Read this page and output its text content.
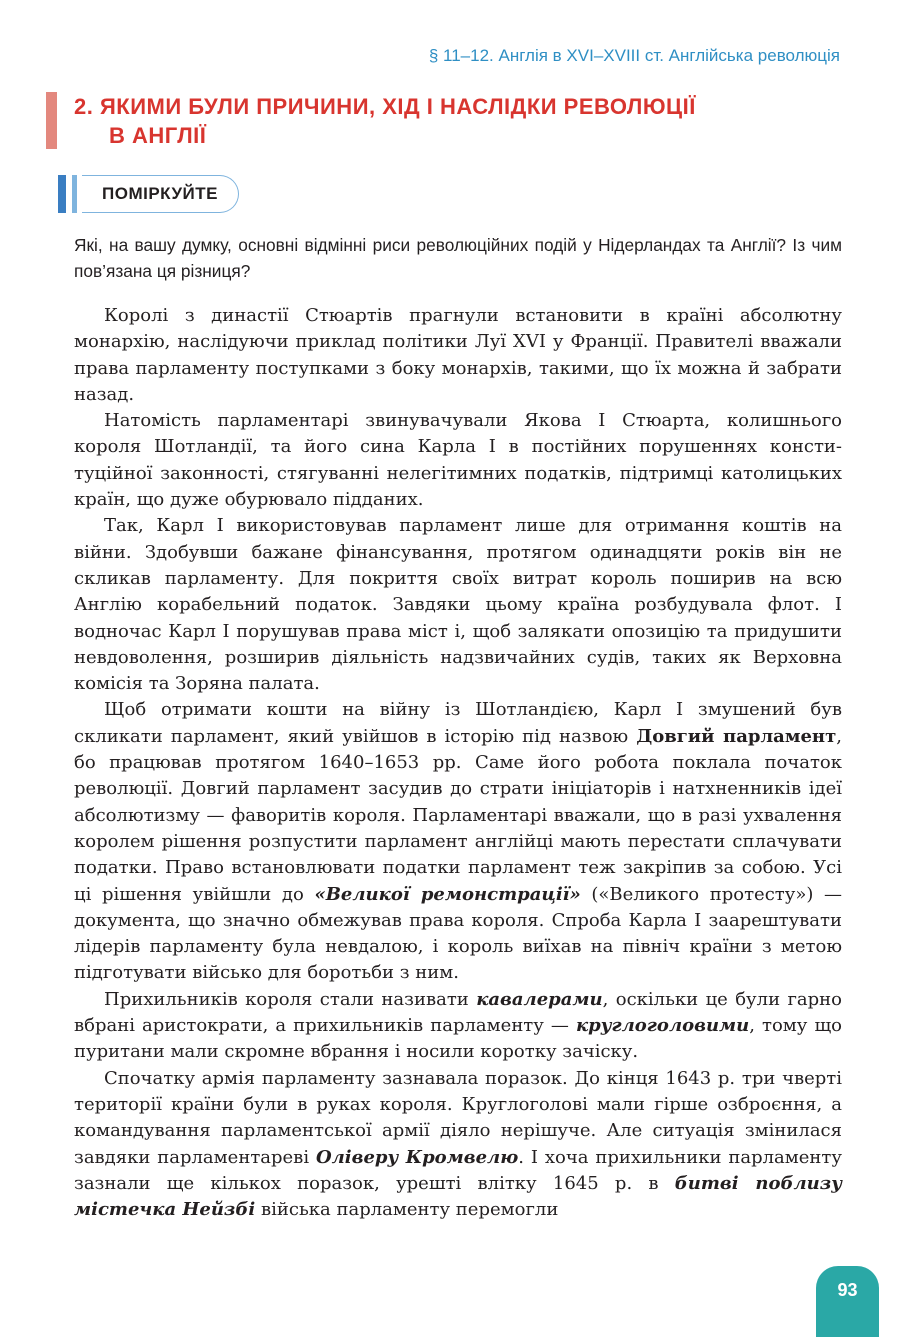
§ 11–12. Англія в XVI–XVIII ст. Англійська революція
2. ЯКИМИ БУЛИ ПРИЧИНИ, ХІД І НАСЛІДКИ РЕВОЛЮЦІЇ
В АНГЛІЇ
ПОМІРКУЙТЕ

Які, на вашу думку, основні відмінні риси революційних подій у Нідерландах та Англії? Із чим пов’язана ця різниця?

Королі з династії Стюартів прагнули встановити в країні абсолютну монархію, наслідуючи приклад політики Луї XVI у Франції. Правителі вважали права парламенту поступками з боку монархів, такими, що їх можна й забрати назад.

Натомість парламентарі звинувачували Якова I Стюарта, колишнього короля Шотландії, та його сина Карла I в постійних порушеннях конституційної законності, стягуванні нелегітимних податків, підтримці католицьких країн, що дуже обурювало підданих.

Так, Карл I використовував парламент лише для отримання коштів на війни. Здобувши бажане фінансування, протягом одинадцяти років він не скликав парламенту. Для покриття своїх витрат король поширив на всю Англію корабельний податок. Завдяки цьому країна розбудувала флот. І водночас Карл I порушував права міст і, щоб залякати опозицію та придушити невдоволення, розширив діяльність надзвичайних судів, таких як Верховна комісія та Зоряна палата.

Щоб отримати кошти на війну із Шотландією, Карл I змушений був скликати парламент, який увійшов в історію під назвою Довгий парламент, бо працював протягом 1640–1653 рр. Саме його робота поклала початок революції. Довгий парламент засудив до страти ініціаторів і натхненників ідеї абсолютизму — фаворитів короля. Парламентарі вважали, що в разі ухвалення королем рішення розпустити парламент англійці мають перестати сплачувати податки. Право встановлювати податки парламент теж закріпив за собою. Усі ці рішення увійшли до «Великої ремонстрації» («Великого протесту») — документа, що значно обмежував права короля. Спроба Карла I заарештувати лідерів парламенту була невдалою, і король виїхав на північ країни з метою підготувати військо для боротьби з ним.

Прихильників короля стали називати кавалерами, оскільки це були гарно вбрані аристократи, а прихильників парламенту — круглоголовими, тому що пуритани мали скромне вбрання і носили коротку зачіску.

Спочатку армія парламенту зазнавала поразок. До кінця 1643 р. три чверті території країни були в руках короля. Круглоголові мали гірше озброєння, а командування парламентської армії діяло нерішуче. Але ситуація змінилася завдяки парламентареві Оліверу Кромвелю. І хоча прихильники парламенту зазнали ще кількох поразок, урешті влітку 1645 р. в битві поблизу містечка Нейзбі війська парламенту перемогли

93
